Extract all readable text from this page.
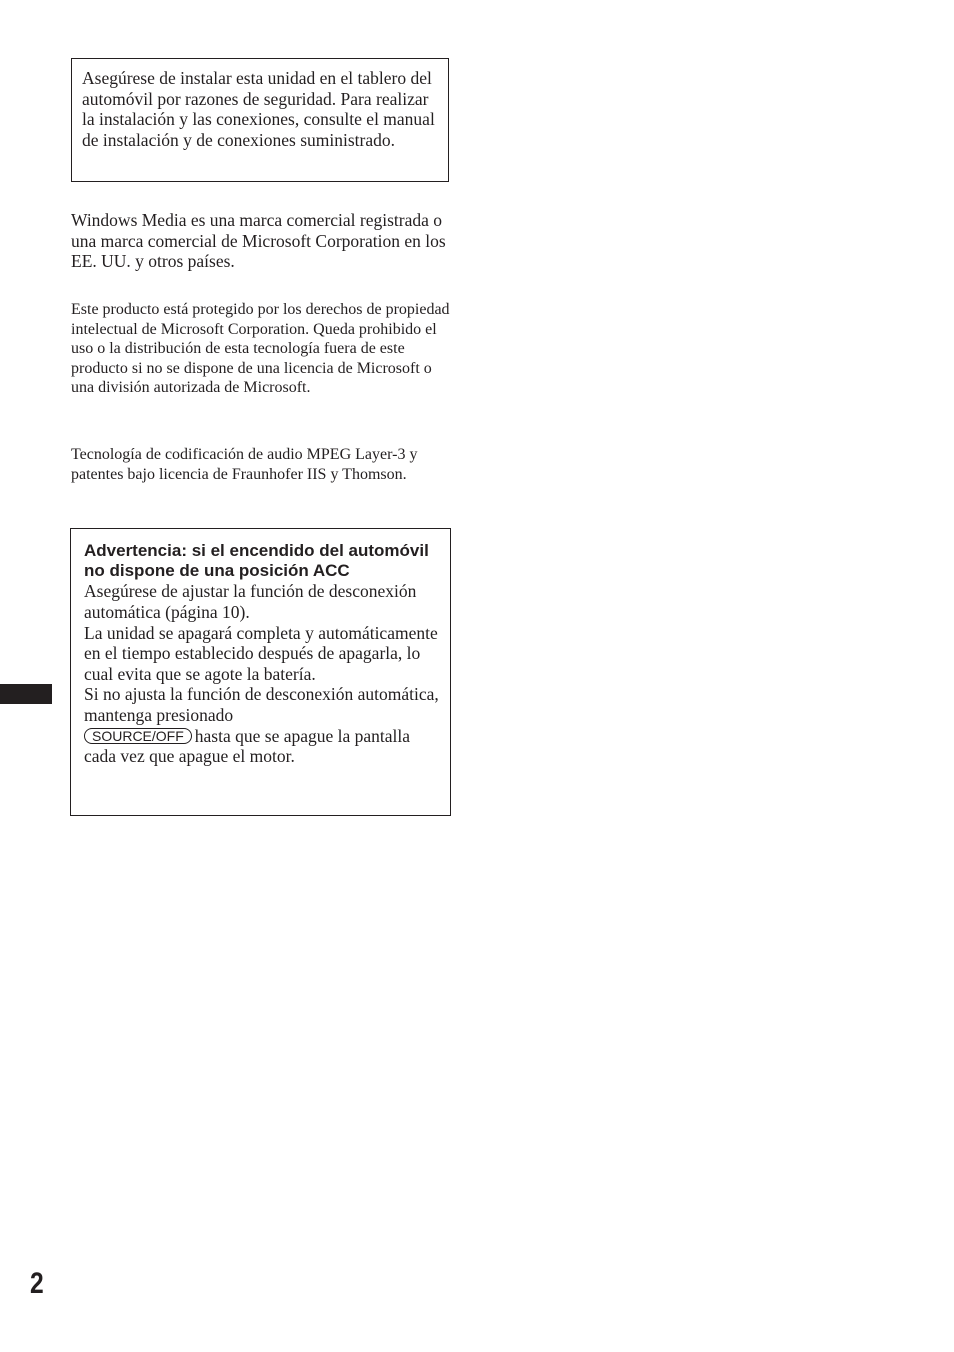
Asegúrese de instalar esta unidad en el tablero del automóvil por razones de seguridad. Para realizar la instalación y las conexiones, consulte el manual de instalación y de conexiones suministrado.

Windows Media es una marca comercial registrada o una marca comercial de Microsoft Corporation en los EE. UU. y otros países.

Este producto está protegido por los derechos de propiedad intelectual de Microsoft Corporation. Queda prohibido el uso o la distribución de esta tecnología fuera de este producto si no se dispone de una licencia de Microsoft o una división autorizada de Microsoft.

Tecnología de codificación de audio MPEG Layer-3 y patentes bajo licencia de Fraunhofer IIS y Thomson.

Advertencia: si el encendido del automóvil no dispone de una posición ACC
Asegúrese de ajustar la función de desconexión automática (página 10).
La unidad se apagará completa y automáticamente en el tiempo establecido después de apagarla, lo cual evita que se agote la batería.
Si no ajusta la función de desconexión automática, mantenga presionado
SOURCE/OFF hasta que se apague la pantalla cada vez que apague el motor.
2
